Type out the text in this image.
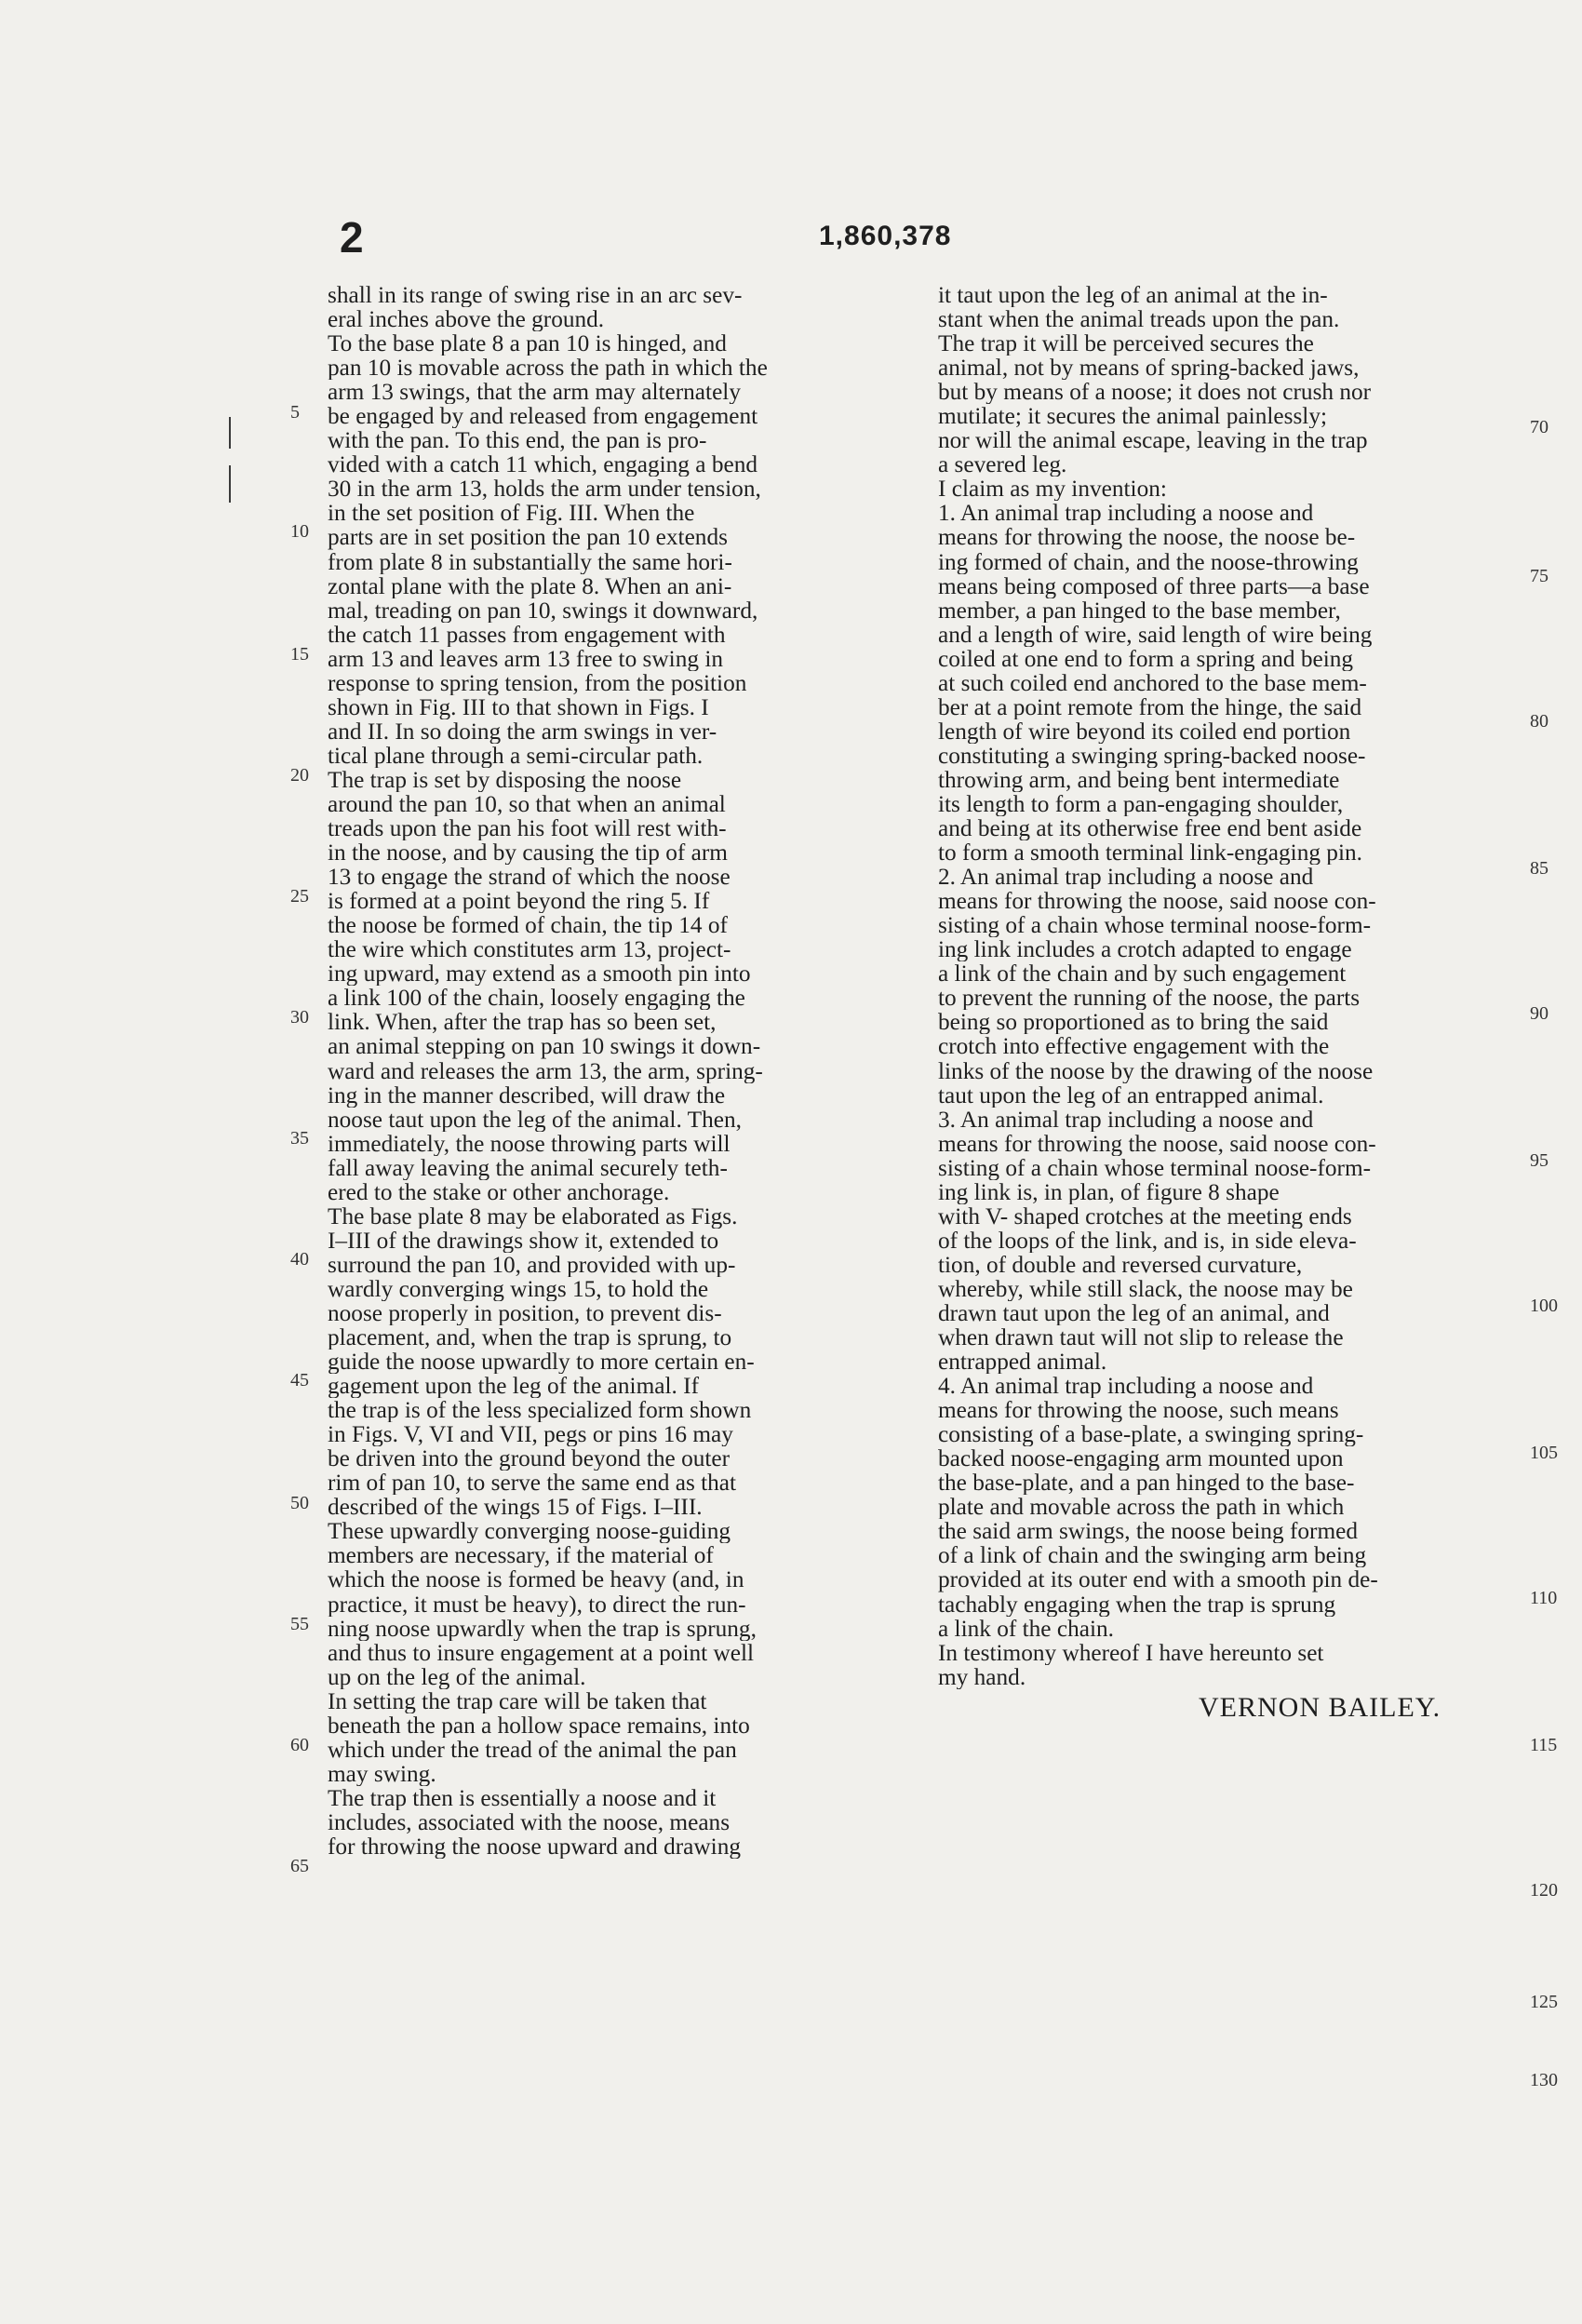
2	1,860,378
5
10
15
20
25
30
35
40
45
50
55
60
65
70
75
80
85
90
95
100
105
110
115
120
125
130
shall in its range of swing rise in an arc sev-
eral inches above the ground.
To the base plate 8 a pan 10 is hinged, and
pan 10 is movable across the path in which the
arm 13 swings, that the arm may alternately
be engaged by and released from engagement
with the pan. To this end, the pan is pro-
vided with a catch 11 which, engaging a bend
30 in the arm 13, holds the arm under tension,
in the set position of Fig. III. When the
parts are in set position the pan 10 extends
from plate 8 in substantially the same hori-
zontal plane with the plate 8. When an ani-
mal, treading on pan 10, swings it downward,
the catch 11 passes from engagement with
arm 13 and leaves arm 13 free to swing in
response to spring tension, from the position
shown in Fig. III to that shown in Figs. I
and II. In so doing the arm swings in ver-
tical plane through a semi-circular path.
The trap is set by disposing the noose
around the pan 10, so that when an animal
treads upon the pan his foot will rest with-
in the noose, and by causing the tip of arm
13 to engage the strand of which the noose
is formed at a point beyond the ring 5. If
the noose be formed of chain, the tip 14 of
the wire which constitutes arm 13, project-
ing upward, may extend as a smooth pin into
a link 100 of the chain, loosely engaging the
link. When, after the trap has so been set,
an animal stepping on pan 10 swings it down-
ward and releases the arm 13, the arm, spring-
ing in the manner described, will draw the
noose taut upon the leg of the animal. Then,
immediately, the noose throwing parts will
fall away leaving the animal securely teth-
ered to the stake or other anchorage.
The base plate 8 may be elaborated as Figs.
I–III of the drawings show it, extended to
surround the pan 10, and provided with up-
wardly converging wings 15, to hold the
noose properly in position, to prevent dis-
placement, and, when the trap is sprung, to
guide the noose upwardly to more certain en-
gagement upon the leg of the animal. If
the trap is of the less specialized form shown
in Figs. V, VI and VII, pegs or pins 16 may
be driven into the ground beyond the outer
rim of pan 10, to serve the same end as that
described of the wings 15 of Figs. I–III.
These upwardly converging noose-guiding
members are necessary, if the material of
which the noose is formed be heavy (and, in
practice, it must be heavy), to direct the run-
ning noose upwardly when the trap is sprung,
and thus to insure engagement at a point well
up on the leg of the animal.
In setting the trap care will be taken that
beneath the pan a hollow space remains, into
which under the tread of the animal the pan
may swing.
The trap then is essentially a noose and it
includes, associated with the noose, means
for throwing the noose upward and drawing
it taut upon the leg of an animal at the in-
stant when the animal treads upon the pan.
The trap it will be perceived secures the
animal, not by means of spring-backed jaws,
but by means of a noose; it does not crush nor
mutilate; it secures the animal painlessly;
nor will the animal escape, leaving in the trap
a severed leg.
I claim as my invention:
1. An animal trap including a noose and
means for throwing the noose, the noose be-
ing formed of chain, and the noose-throwing
means being composed of three parts—a base
member, a pan hinged to the base member,
and a length of wire, said length of wire being
coiled at one end to form a spring and being
at such coiled end anchored to the base mem-
ber at a point remote from the hinge, the said
length of wire beyond its coiled end portion
constituting a swinging spring-backed noose-
throwing arm, and being bent intermediate
its length to form a pan-engaging shoulder,
and being at its otherwise free end bent aside
to form a smooth terminal link-engaging pin.
2. An animal trap including a noose and
means for throwing the noose, said noose con-
sisting of a chain whose terminal noose-form-
ing link includes a crotch adapted to engage
a link of the chain and by such engagement
to prevent the running of the noose, the parts
being so proportioned as to bring the said
crotch into effective engagement with the
links of the noose by the drawing of the noose
taut upon the leg of an entrapped animal.
3. An animal trap including a noose and
means for throwing the noose, said noose con-
sisting of a chain whose terminal noose-form-
ing link is, in plan, of figure 8 shape
with V- shaped crotches at the meeting ends
of the loops of the link, and is, in side eleva-
tion, of double and reversed curvature,
whereby, while still slack, the noose may be
drawn taut upon the leg of an animal, and
when drawn taut will not slip to release the
entrapped animal.
4. An animal trap including a noose and
means for throwing the noose, such means
consisting of a base-plate, a swinging spring-
backed noose-engaging arm mounted upon
the base-plate, and a pan hinged to the base-
plate and movable across the path in which
the said arm swings, the noose being formed
of a link of chain and the swinging arm being
provided at its outer end with a smooth pin de-
tachably engaging when the trap is sprung
a link of the chain.
In testimony whereof I have hereunto set
my hand.
VERNON BAILEY.
